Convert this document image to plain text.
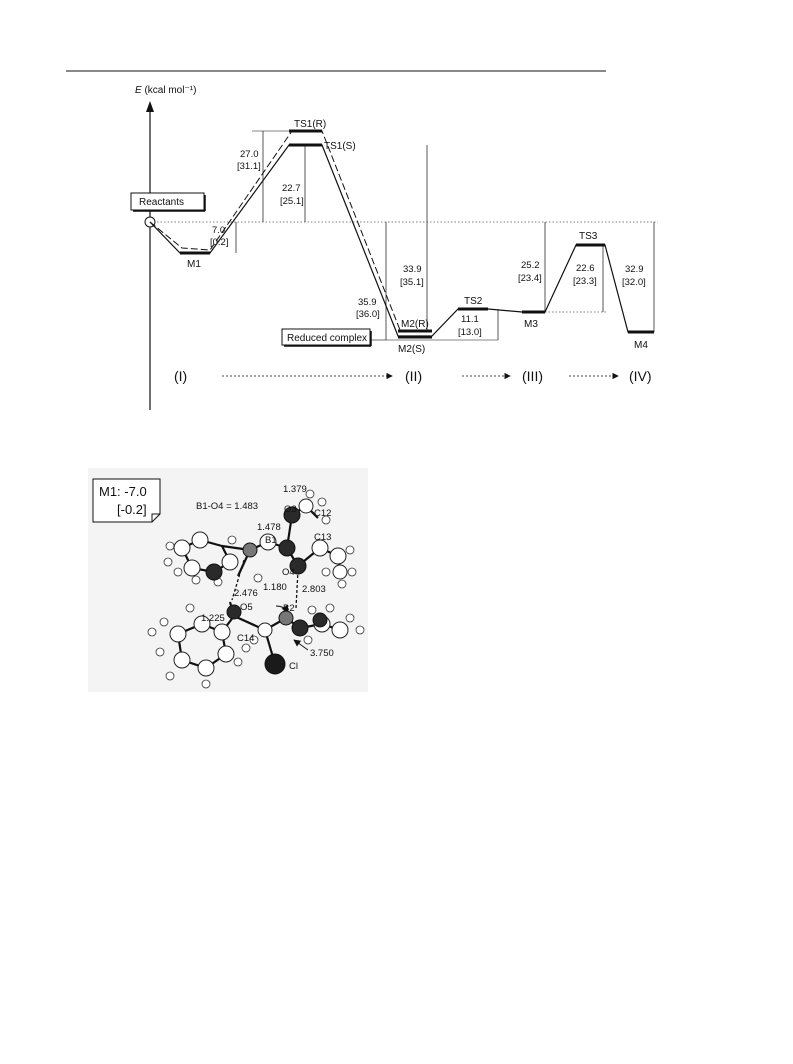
E (kcal mol⁻¹)
Reactants
TS1(R)
TS1(S)
M1
M2(R)
M2(S)
TS2
M3
TS3
M4
7.0
[0.2]
27.0
[31.1]
22.7
[25.1]
33.9
[35.1]
35.9
[36.0]	11.1
[13.0]
25.2
[23.4]
22.6
[23.3]
32.9
[32.0]
Reduced complex
(I)	(II)	(III)	(IV)
M1: -7.0
[-0.2]	B1-O4 = 1.483	O3 C12
B1	C13
O4
O5	B2
C14
Cl
1.379
1.478
2.476
1.180 2.803
1.225
3.750
